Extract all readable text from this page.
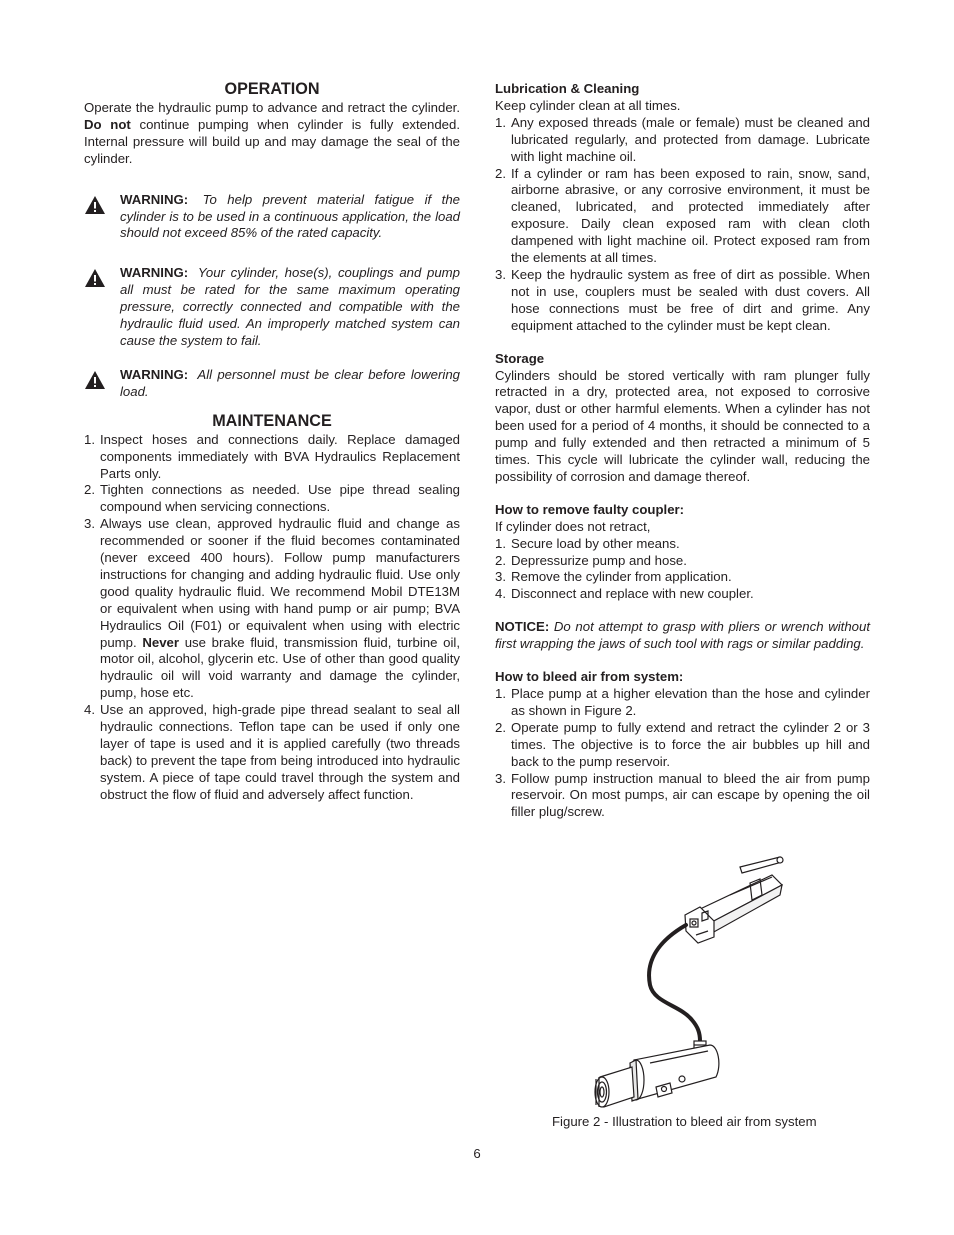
OPERATION

Operate the hydraulic pump to advance and retract the cylinder. Do not continue pumping when cylinder is fully extended. Internal pressure will build up and may damage the seal of the cylinder.

WARNING: To help prevent material fatigue if the cylinder is to be used in a continuous application, the load should not exceed 85% of the rated capacity.
WARNING: Your cylinder, hose(s), couplings and pump all must be rated for the same maximum operating pressure, correctly connected and compatible with the hydraulic fluid used. An improperly matched system can cause the system to fail.
WARNING: All personnel must be clear before lowering load.
MAINTENANCE
1. Inspect hoses and connections daily. Replace damaged components immediately with BVA Hydraulics Replacement Parts only.
2. Tighten connections as needed. Use pipe thread sealing compound when servicing connections.
3. Always use clean, approved hydraulic fluid and change as recommended or sooner if the fluid becomes contaminated (never exceed 400 hours). Follow pump manufacturers instructions for changing and adding hydraulic fluid. Use only good quality hydraulic fluid. We recommend Mobil DTE13M or equivalent when using with hand pump or air pump; BVA Hydraulics Oil (F01) or equivalent when using with electric pump. Never use brake fluid, transmission fluid, turbine oil, motor oil, alcohol, glycerin etc. Use of other than good quality hydraulic oil will void warranty and damage the cylinder, pump, hose etc.
4. Use an approved, high-grade pipe thread sealant to seal all hydraulic connections. Teflon tape can be used if only one layer of tape is used and it is applied carefully (two threads back) to prevent the tape from being introduced into hydraulic system. A piece of tape could travel through the system and obstruct the flow of fluid and adversely affect function.

Lubrication & Cleaning

Keep cylinder clean at all times.

1. Any exposed threads (male or female) must be cleaned and lubricated regularly, and protected from damage. Lubricate with light machine oil.
2. If a cylinder or ram has been exposed to rain, snow, sand, airborne abrasive, or any corrosive environment, it must be cleaned, lubricated, and protected immediately after exposure. Daily clean exposed ram with clean cloth dampened with light machine oil. Protect exposed ram from the elements at all times.
3. Keep the hydraulic system as free of dirt as possible. When not in use, couplers must be sealed with dust covers. All hose connections must be free of dirt and grime. Any equipment attached to the cylinder must be kept clean.

Storage

Cylinders should be stored vertically with ram plunger fully retracted in a dry, protected area, not exposed to corrosive vapor, dust or other harmful elements. When a cylinder has not been used for a period of 4 months, it should be connected to a pump and fully extended and then retracted a minimum of 5 times. This cycle will lubricate the cylinder wall, reducing the possibility of corrosion and damage thereof.

How to remove faulty coupler:

If cylinder does not retract,

1. Secure load by other means.
2. Depressurize pump and hose.
3. Remove the cylinder from application.
4. Disconnect and replace with new coupler.

NOTICE: Do not attempt to grasp with pliers or wrench without first wrapping the jaws of such tool with rags or similar padding.

How to bleed air from system:

1. Place pump at a higher elevation than the hose and cylinder as shown in Figure 2.
2. Operate pump to fully extend and retract the cylinder 2 or 3 times. The objective is to force the air bubbles up hill and back to the pump reservoir.
3. Follow pump instruction manual to bleed the air from pump reservoir. On most pumps, air can escape by opening the oil filler plug/screw.
Figure 2 - Illustration to bleed air from system
6
